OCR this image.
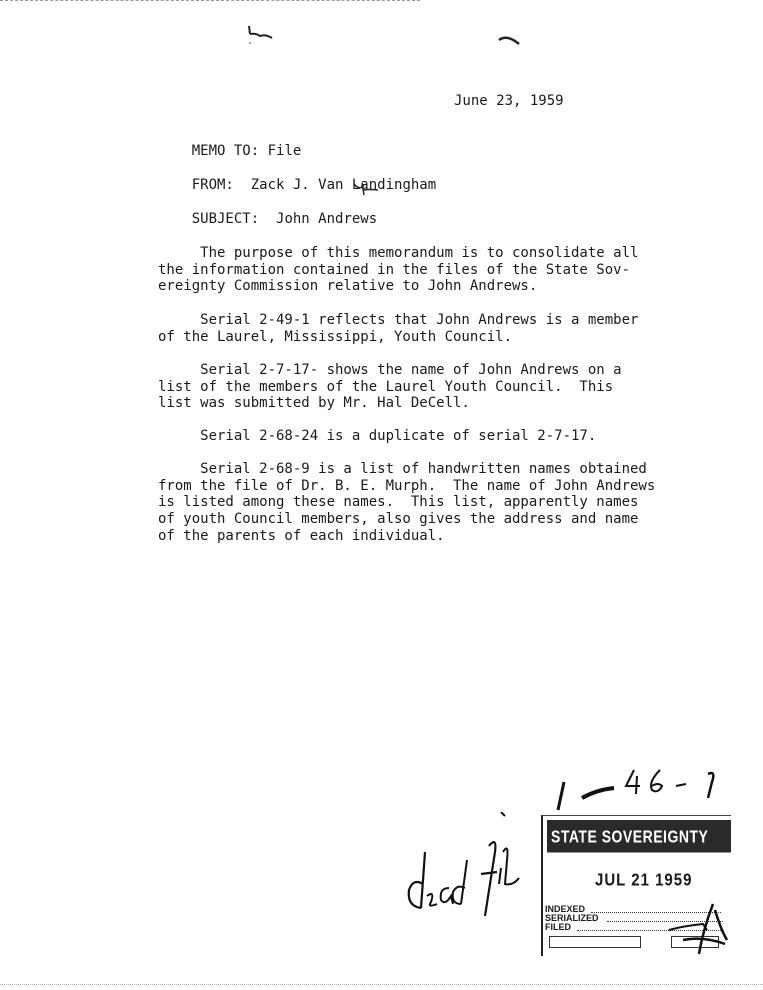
June 23, 1959

MEMO TO: File

FROM: Zack J. Van Landingham

SUBJECT: John Andrews

The purpose of this memorandum is to consolidate all
the information contained in the files of the State Sov-
ereignty Commission relative to John Andrews.
Serial 2-49-1 reflects that John Andrews is a member
of the Laurel, Mississippi, Youth Council.
Serial 2-7-17- shows the name of John Andrews on a
list of the members of the Laurel Youth Council.  This
list was submitted by Mr. Hal DeCell.
Serial 2-68-24 is a duplicate of serial 2-7-17.
Serial 2-68-9 is a list of handwritten names obtained
from the file of Dr. B. E. Murph.  The name of John Andrews
is listed among these names.  This list, apparently names
of youth Council members, also gives the address and name
of the parents of each individual.
STATE SOVEREIGNTY COMMISSION
JUL 21 1959
INDEXED
SERIALIZED
FILED
